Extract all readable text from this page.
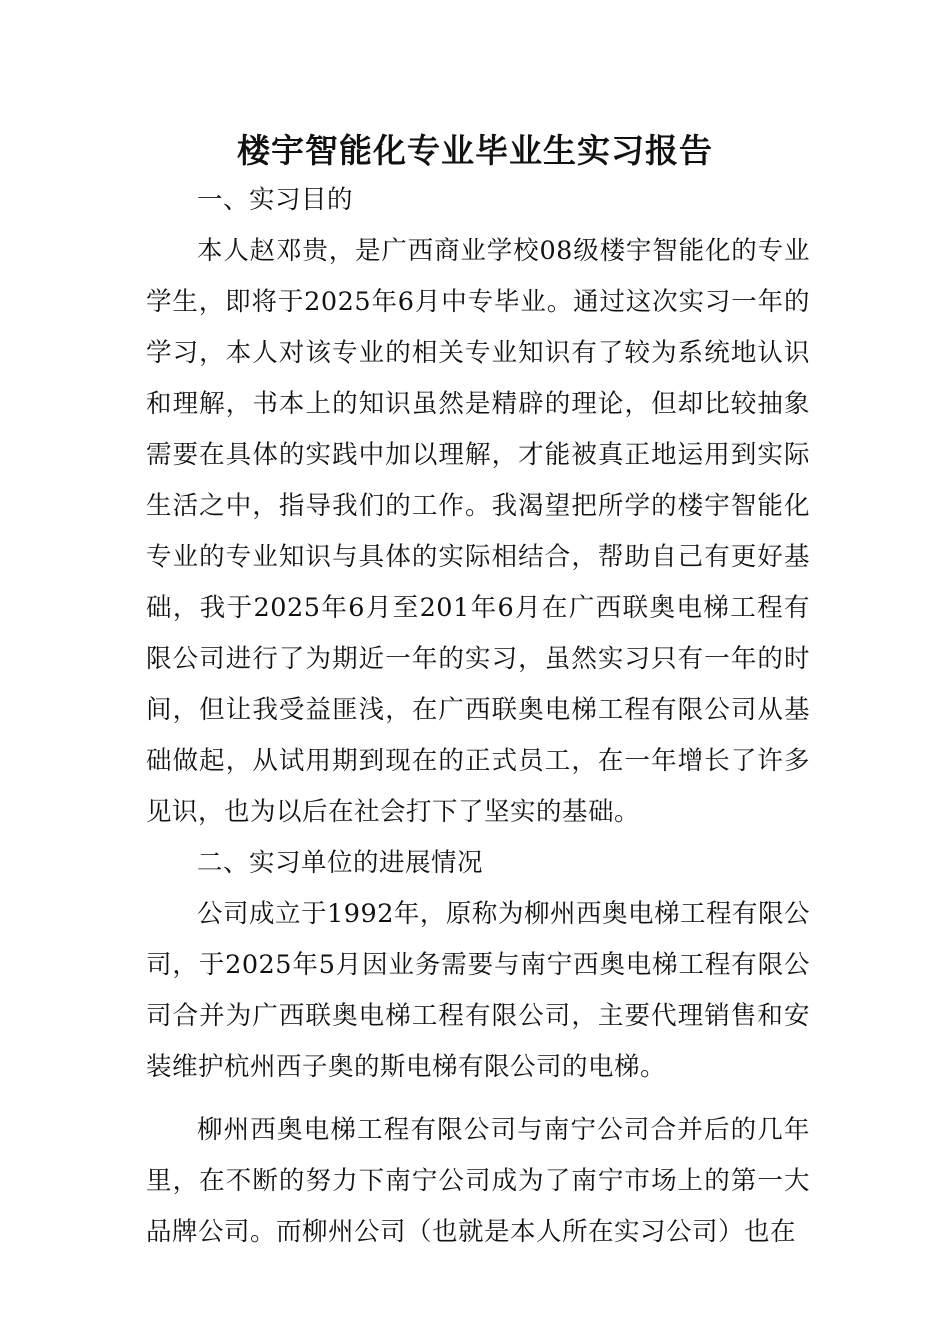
楼宇智能化专业毕业生实习报告

一、实习目的

本人赵邓贵，是广西商业学校08级楼宇智能化的专业学生，即将于2025年6月中专毕业。通过这次实习一年的学习，本人对该专业的相关专业知识有了较为系统地认识和理解，书本上的知识虽然是精辟的理论，但却比较抽象需要在具体的实践中加以理解，才能被真正地运用到实际生活之中，指导我们的工作。我渴望把所学的楼宇智能化专业的专业知识与具体的实际相结合，帮助自己有更好基础，我于2025年6月至201年6月在广西联奥电梯工程有限公司进行了为期近一年的实习，虽然实习只有一年的时间，但让我受益匪浅，在广西联奥电梯工程有限公司从基础做起，从试用期到现在的正式员工，在一年增长了许多见识，也为以后在社会打下了坚实的基础。

二、实习单位的进展情况

公司成立于1992年，原称为柳州西奥电梯工程有限公司，于2025年5月因业务需要与南宁西奥电梯工程有限公司合并为广西联奥电梯工程有限公司，主要代理销售和安装维护杭州西子奥的斯电梯有限公司的电梯。

柳州西奥电梯工程有限公司与南宁公司合并后的几年里，在不断的努力下南宁公司成为了南宁市场上的第一大品牌公司。而柳州公司（也就是本人所在实习公司）也在
